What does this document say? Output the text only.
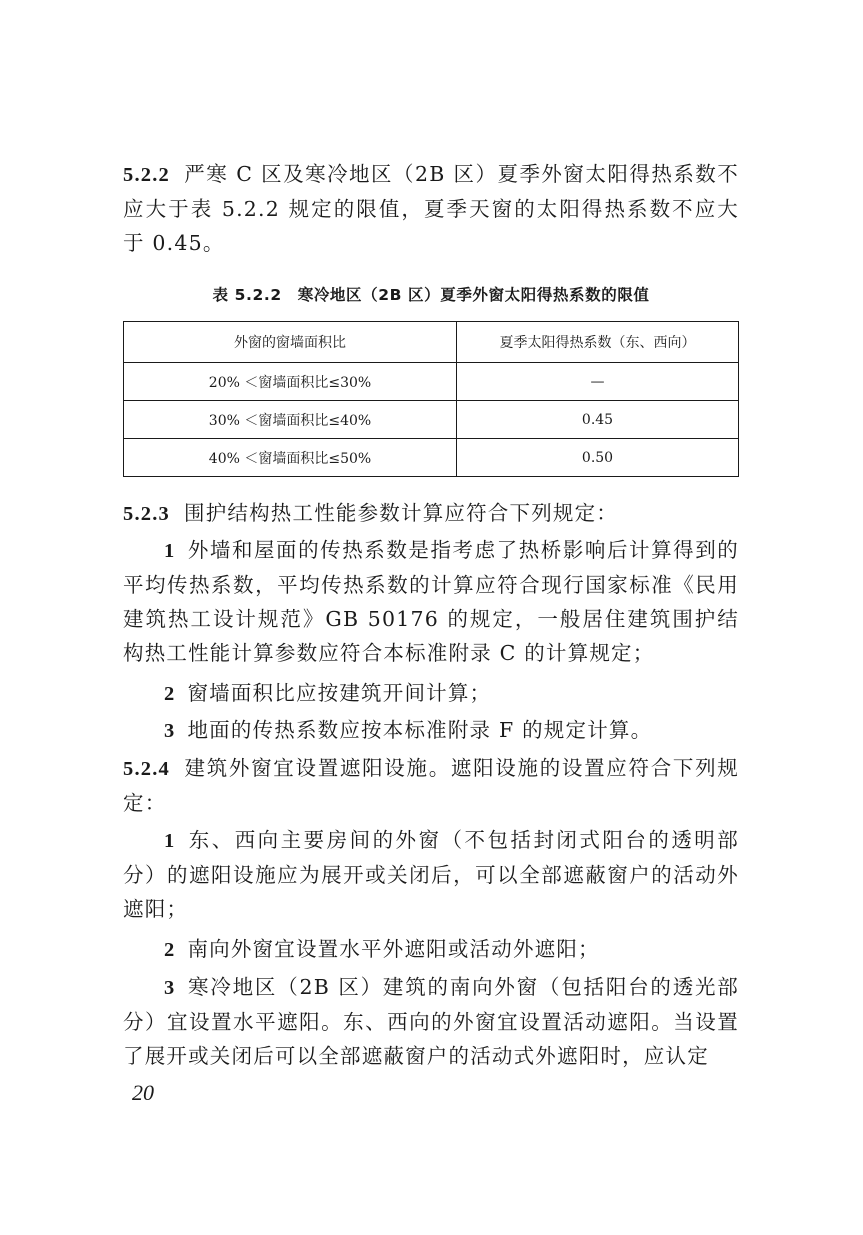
5.2.2 严寒 C 区及寒冷地区（2B 区）夏季外窗太阳得热系数不应大于表 5.2.2 规定的限值，夏季天窗的太阳得热系数不应大于 0.45。
表 5.2.2 寒冷地区（2B 区）夏季外窗太阳得热系数的限值
外窗的窗墙面积比	夏季太阳得热系数（东、西向）
20% ＜窗墙面积比≤30%	—
30% ＜窗墙面积比≤40%	0.45
40% ＜窗墙面积比≤50%	0.50
5.2.3 围护结构热工性能参数计算应符合下列规定：
1 外墙和屋面的传热系数是指考虑了热桥影响后计算得到的平均传热系数，平均传热系数的计算应符合现行国家标准《民用建筑热工设计规范》GB 50176 的规定，一般居住建筑围护结构热工性能计算参数应符合本标准附录 C 的计算规定；
2 窗墙面积比应按建筑开间计算；
3 地面的传热系数应按本标准附录 F 的规定计算。
5.2.4 建筑外窗宜设置遮阳设施。遮阳设施的设置应符合下列规定：
1 东、西向主要房间的外窗（不包括封闭式阳台的透明部分）的遮阳设施应为展开或关闭后，可以全部遮蔽窗户的活动外遮阳；
2 南向外窗宜设置水平外遮阳或活动外遮阳；
3 寒冷地区（2B 区）建筑的南向外窗（包括阳台的透光部分）宜设置水平遮阳。东、西向的外窗宜设置活动遮阳。当设置了展开或关闭后可以全部遮蔽窗户的活动式外遮阳时，应认定
20
